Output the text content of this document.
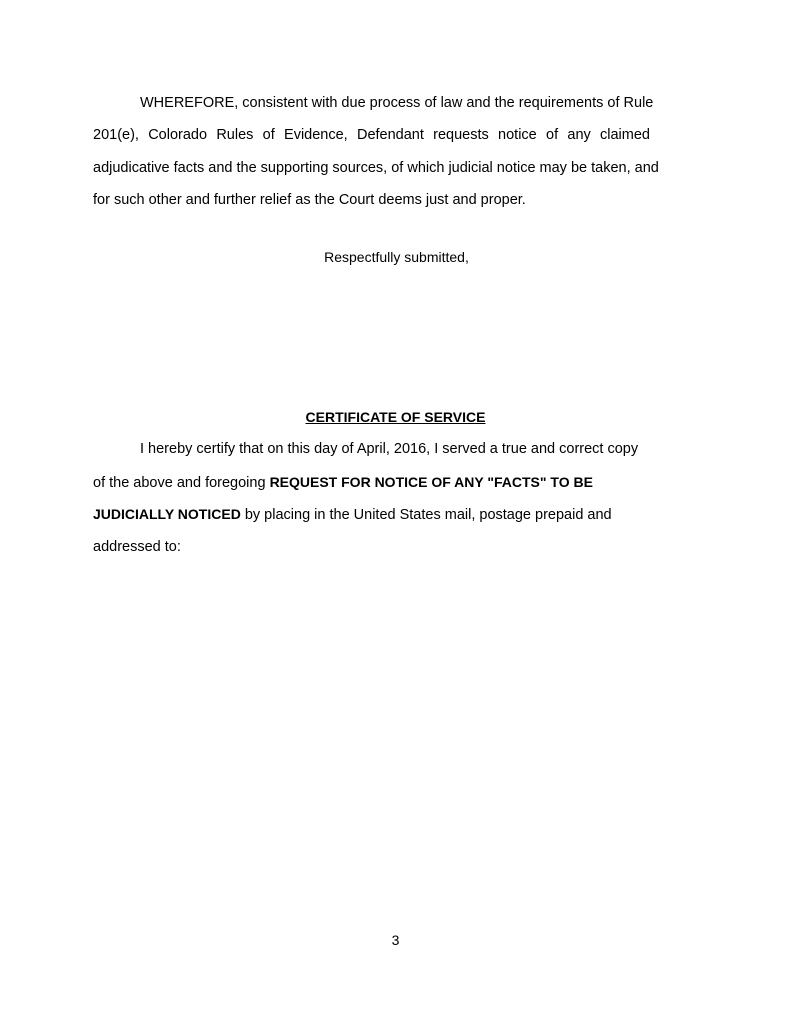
WHEREFORE, consistent with due process of law and the requirements of Rule
201(e), Colorado Rules of Evidence, Defendant requests notice of any claimed
adjudicative facts and the supporting sources, of which judicial notice may be taken, and
for such other and further relief as the Court deems just and proper.
Respectfully submitted,
CERTIFICATE OF SERVICE
I hereby certify that on this day of April, 2016, I served a true and correct copy
of the above and foregoing REQUEST FOR NOTICE OF ANY "FACTS" TO BE
JUDICIALLY NOTICED by placing in the United States mail, postage prepaid and
addressed to:
3
